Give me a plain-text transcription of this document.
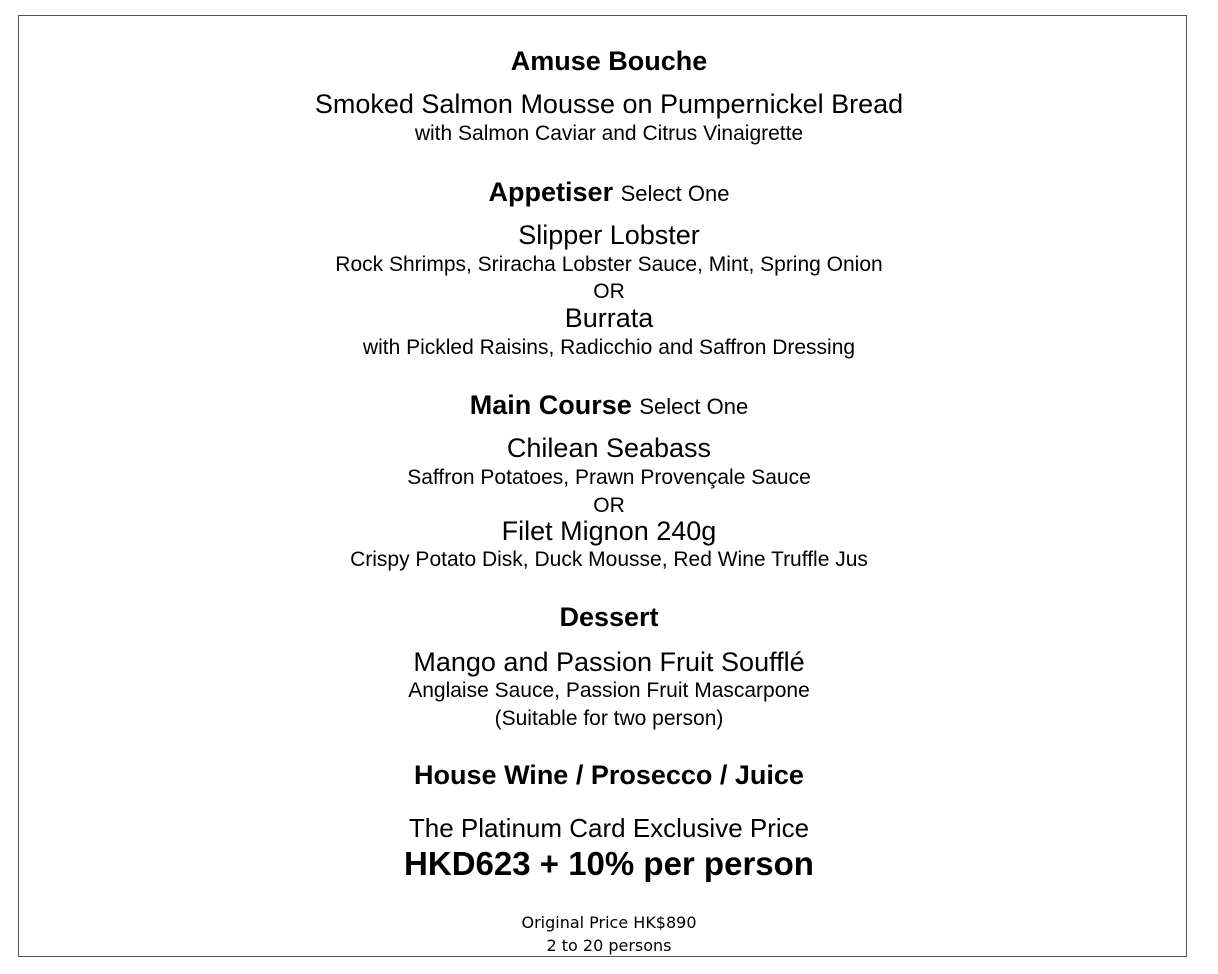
Amuse Bouche
Smoked Salmon Mousse on Pumpernickel Bread
with Salmon Caviar and Citrus Vinaigrette
Appetiser Select One
Slipper Lobster
Rock Shrimps, Sriracha Lobster Sauce, Mint, Spring Onion
OR
Burrata
with Pickled Raisins, Radicchio and Saffron Dressing
Main Course Select One
Chilean Seabass
Saffron Potatoes, Prawn Provençale Sauce
OR
Filet Mignon 240g
Crispy Potato Disk, Duck Mousse, Red Wine Truffle Jus
Dessert
Mango and Passion Fruit Soufflé
Anglaise Sauce, Passion Fruit Mascarpone
(Suitable for two person)
House Wine / Prosecco / Juice
The Platinum Card Exclusive Price
HKD623 + 10% per person
Original Price HK$890
2 to 20 persons
